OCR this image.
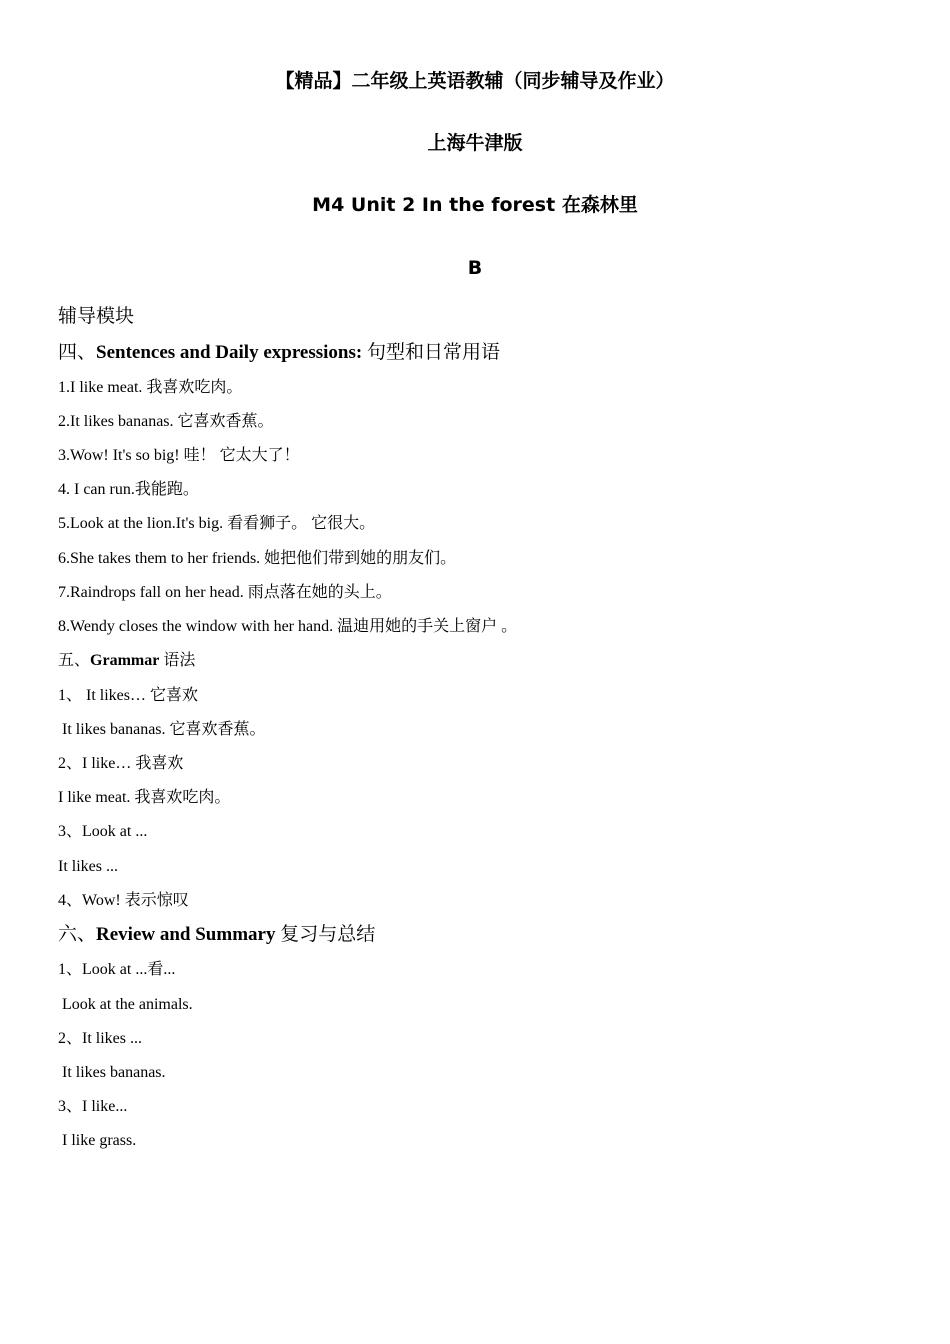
【精品】二年级上英语教辅（同步辅导及作业）
上海牛津版
M4 Unit 2 In the forest 在森林里
B
辅导模块
四、Sentences and Daily expressions: 句型和日常用语
1.I like meat. 我喜欢吃肉。
2.It likes bananas. 它喜欢香蕉。
3.Wow! It's so big! 哇！ 它太大了！
4. I can run.我能跑。
5.Look at the lion.It's big. 看看狮子。 它很大。
6.She takes them to her friends. 她把他们带到她的朋友们。
7.Raindrops fall on her head. 雨点落在她的头上。
8.Wendy closes the window with her hand. 温迪用她的手关上窗户 。
五、Grammar 语法
1、 It likes… 它喜欢
It likes bananas. 它喜欢香蕉。
2、I like… 我喜欢
I like meat. 我喜欢吃肉。
3、Look at ...
It likes ...
4、Wow! 表示惊叹
六、Review and Summary 复习与总结
1、Look at ...看...
Look at the animals.
2、It likes ...
It likes bananas.
3、I like...
I like grass.
